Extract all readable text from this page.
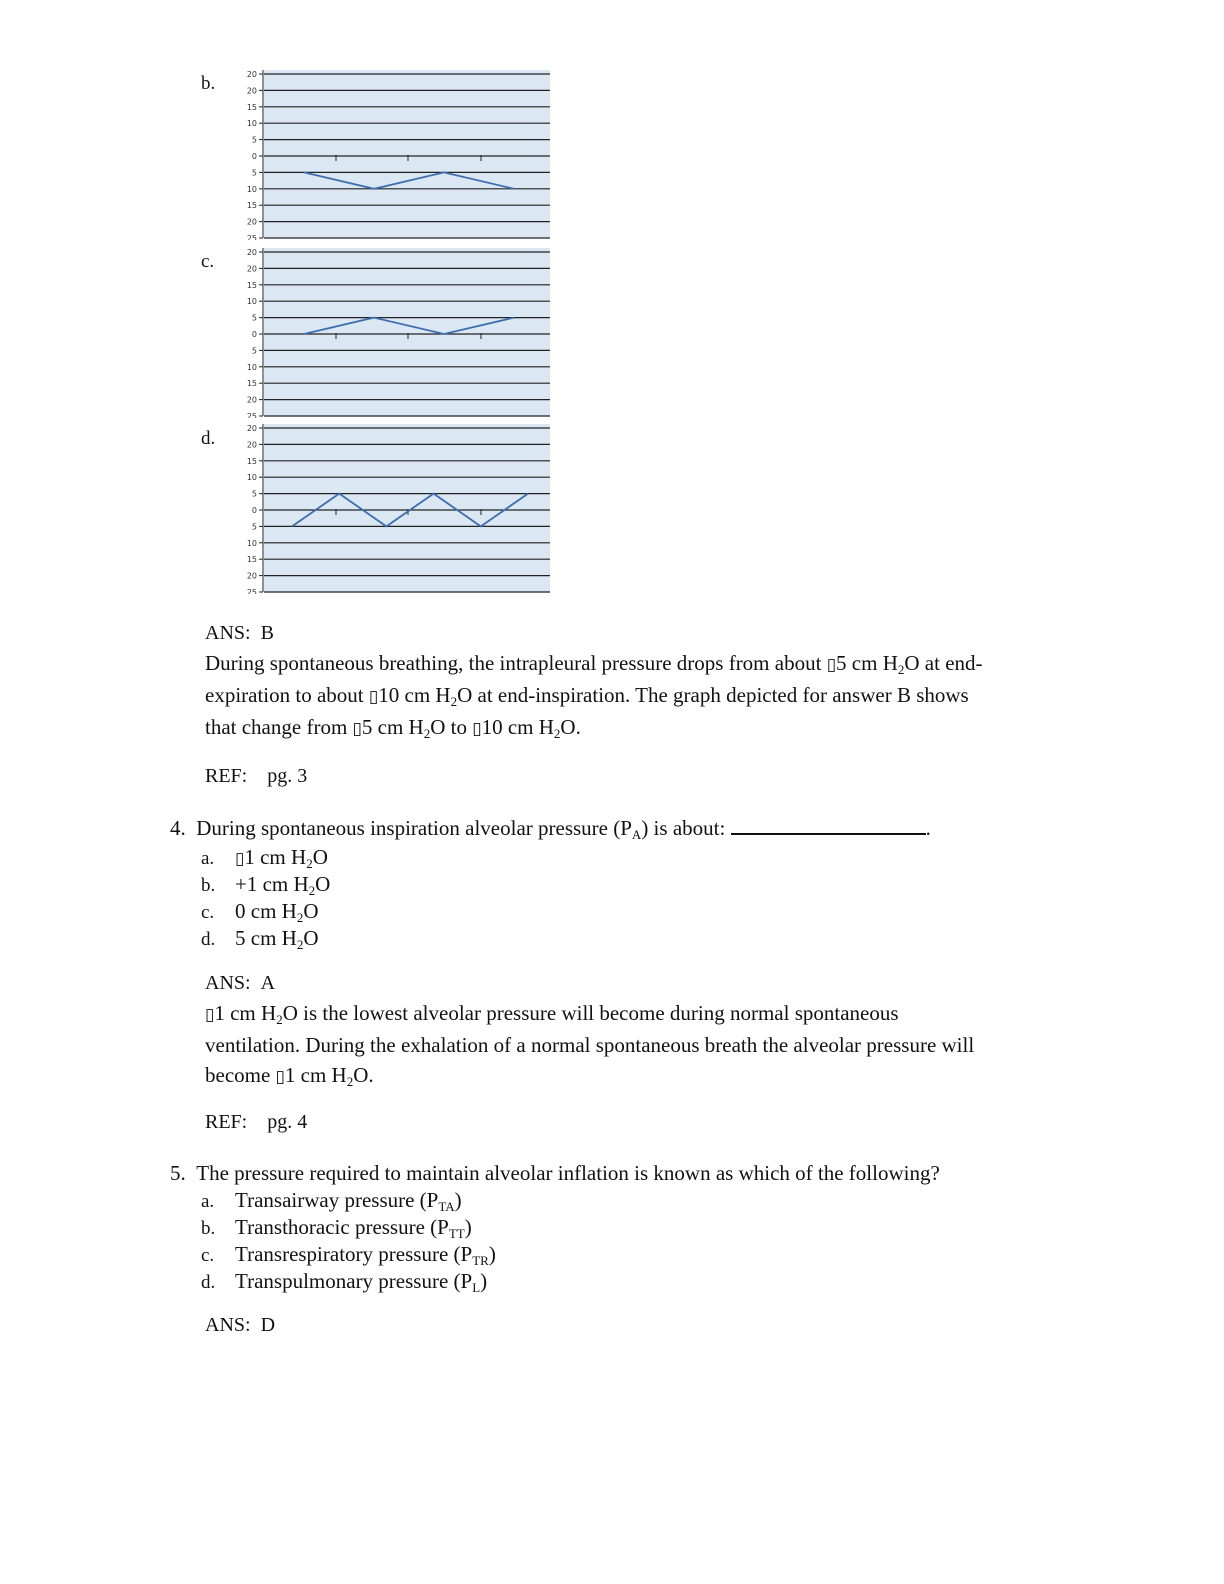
b.
c.
d.
20
20
15
10
5
0
5
10
15
20
25
20
20
15
10
5
0
5
10
15
20
25
20
20
15
10
5
0
5
10
15
20
25
ANS: B
During spontaneous breathing, the intrapleural pressure drops from about ▯5 cm $H_2O$ at end-
expiration to about ▯10 cm $H_2O$ at end-inspiration. The graph depicted for answer B shows
that change from ▯5 cm $H_2O$ to ▯10 cm $H_2O$.
REF: pg. 3
4. During spontaneous inspiration alveolar pressure $(P_A)$ is about:	.
a. ▯1 cm $H_2O$
b. +1 cm $H_2O$
c. 0 cm $H_2O$
d. 5 cm $H_2O$
ANS: A
▯1 cm $H_2O$ is the lowest alveolar pressure will become during normal spontaneous
ventilation. During the exhalation of a normal spontaneous breath the alveolar pressure will
become ▯1 cm $H_2O$.
REF: pg. 4
5. The pressure required to maintain alveolar inflation is known as which of the following?
a. Transairway pressure $(P_{TA})$
b. Transthoracic pressure $(P_{TT})$
c. Transrespiratory pressure $(P_{TR})$
d. Transpulmonary pressure $(P_L)$
ANS: D
